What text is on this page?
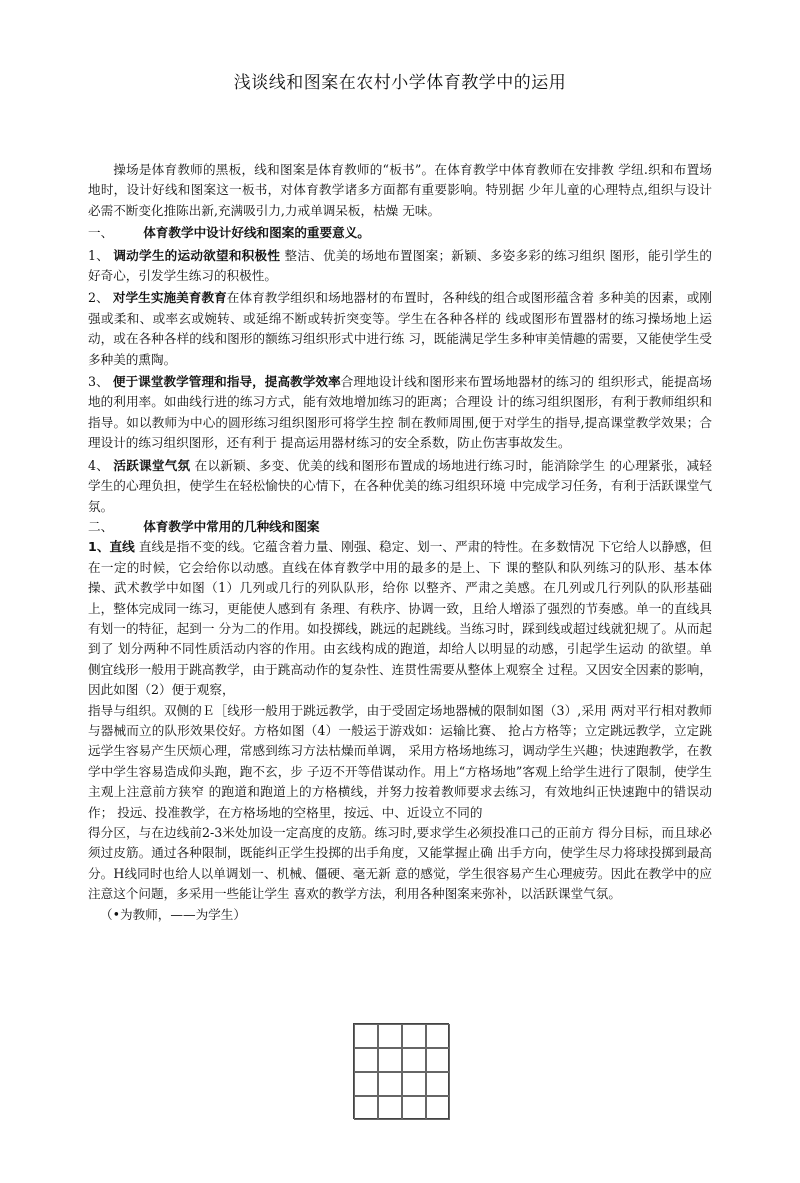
浅谈线和图案在农村小学体育教学中的运用

操场是体育教师的黑板，线和图案是体育教师的“板书”。在体育教学中体育教师在安排教 学纽.织和布置场地时，设计好线和图案这一板书，对体育教学诸多方面都有重要影响。特别据 少年儿童的心理特点,组织与设计必需不断变化推陈出新,充满吸引力,力戒单调呆板，枯燥 无味。

一、 体育教学中设计好线和图案的重要意义。

1、 调动学生的运动欲望和积极性 整洁、优美的场地布置图案；新颖、多姿多彩的练习组织 图形，能引学生的好奇心，引发学生练习的积极性。

2、 对学生实施美育教育在体育教学组织和场地器材的布置时，各种线的组合或图形蕴含着 多种美的因素，或刚强或柔和、或率玄或婉转、或延绵不断或转折突变等。学生在各种各样的 线或图形布置器材的练习操场地上运动，或在各种各样的线和图形的额练习组织形式中进行练 习，既能满足学生多种审美情趣的需要，又能使学生受多种美的熏陶。

3、 便于课堂教学管理和指导，提高教学效率合理地设计线和图形来布置场地器材的练习的 组织形式，能提高场地的利用率。如曲线行进的练习方式，能有效地增加练习的距离；合理设 计的练习组织图形，有利于教师组织和指导。如以教师为中心的圆形练习组织图形可将学生控 制在教师周围,便于对学生的指导,提高课堂教学效果；合理设计的练习组织图形，还有利于 提高运用器材练习的安全系数，防止伤害事故发生。

4、 活跃课堂气氛 在以新颖、多变、优美的线和图形布置成的场地进行练习时，能消除学生 的心理紧张，减轻学生的心理负担，使学生在轻松愉快的心情下，在各种优美的练习组织环境 中完成学习任务，有利于活跃课堂气氛。

二、 体育教学中常用的几种线和图案

1、直线 直线是指不变的线。它蕴含着力量、刚强、稳定、划一、严肃的特性。在多数情况 下它给人以静感，但在一定的时候，它会给你以动感。直线在体育教学中用的最多的是上、下 课的整队和队列练习的队形、基本体操、武术教学中如图（1）几列或几行的列队队形，给你 以整齐、严肃之美感。在几列或几行列队的队形基础上，整体完成同一练习，更能使人感到有 条理、有秩序、协调一致，且给人增添了强烈的节奏感。单一的直线具有划一的特征，起到一 分为二的作用。如投掷线，跳远的起跳线。当练习时，踩到线或超过线就犯规了。从而起到了 划分两种不同性质活动内容的作用。由玄线构成的跑道，却给人以明显的动感，引起学生运动 的欲望。单侧宜线形一般用于跳高教学，由于跳高动作的复杂性、连贯性需要从整体上观察全 过程。又因安全因素的影响，因此如图（2）便于观察，

指导与组织。双侧的Ｅ［线形一般用于跳远教学，由于受固定场地器械的限制如图（3）,采用 两对平行相对教师与器械而立的队形效果佼好。方格如图（4）一般运于游戏如：运输比赛、 抢占方格等；立定跳远教学，立定跳远学生容易产生厌烦心理，常感到练习方法枯燥而单调， 采用方格场地练习，调动学生兴趣；快速跑教学，在教学中学生容易造成仰头跑，跑不玄，步 子迈不开等借谋动作。用上“方格场地”客观上给学生进行了限制，使学生主观上注意前方狭窄 的跑道和跑道上的方格横线，并努力按着教师要求去练习，有效地纠正快速跑中的错误动作； 投远、投准教学，在方格场地的空格里，按远、中、近设立不同的

得分区，与在边线前2-3米处加设一定高度的皮筋。练习时,要求学生必须投准口己的正前方 得分目标，而且球必须过皮筋。通过各种限制，既能纠正学生投掷的出手角度，又能掌握止确 出手方向，使学生尽力将球投掷到最高分。H线同时也给人以单调划一、机械、僵硬、毫无新 意的感觉，学生很容易产生心理疲劳。因此在教学中的应注意这个问题，多采用一些能让学生 喜欢的教学方法，利用各种图案来弥补，以活跃课堂气氛。

（•为教师，——为学生）
